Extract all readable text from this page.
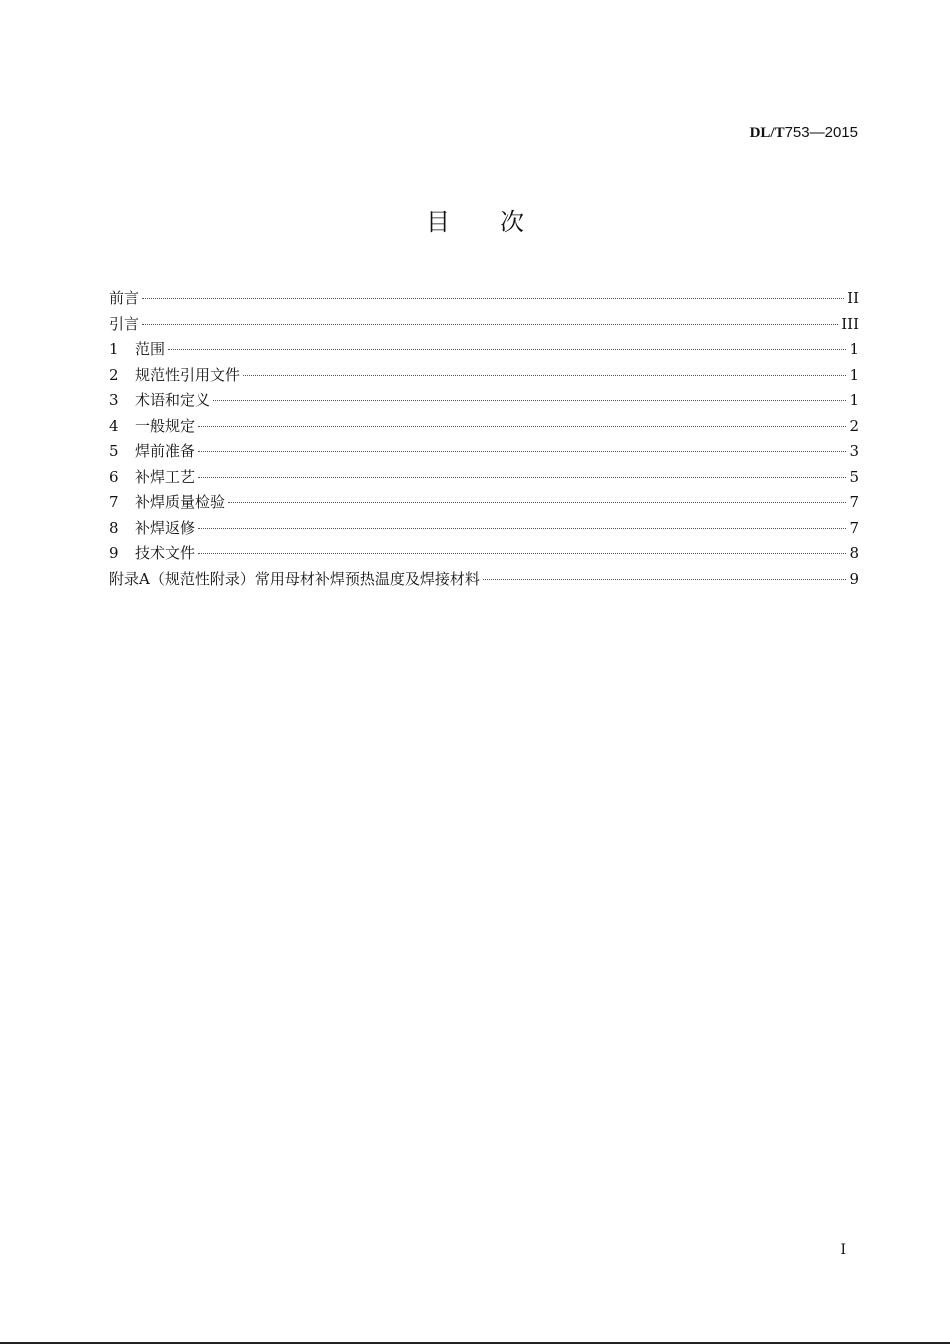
DL/T753—2015
目次
前言	II
引言	III
1	范围	1
2	规范性引用文件	1
3	术语和定义	1
4	一般规定	2
5	焊前准备	3
6	补焊工艺	5
7	补焊质量检验	7
8	补焊返修	7
9	技术文件	8
附录A（规范性附录）常用母材补焊预热温度及焊接材料	9
I
